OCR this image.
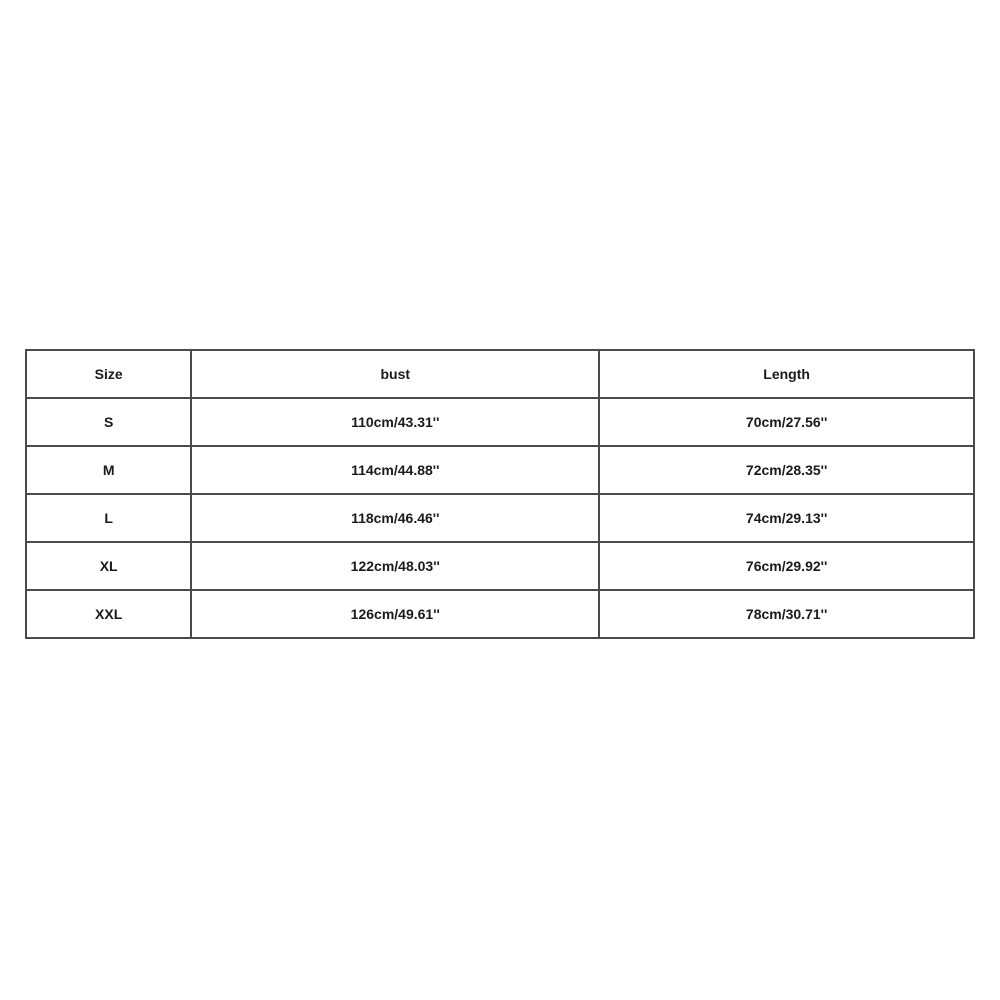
Size	bust	Length
S	110cm/43.31''	70cm/27.56''
M	114cm/44.88''	72cm/28.35''
L	118cm/46.46''	74cm/29.13''
XL	122cm/48.03''	76cm/29.92''
XXL	126cm/49.61''	78cm/30.71''
